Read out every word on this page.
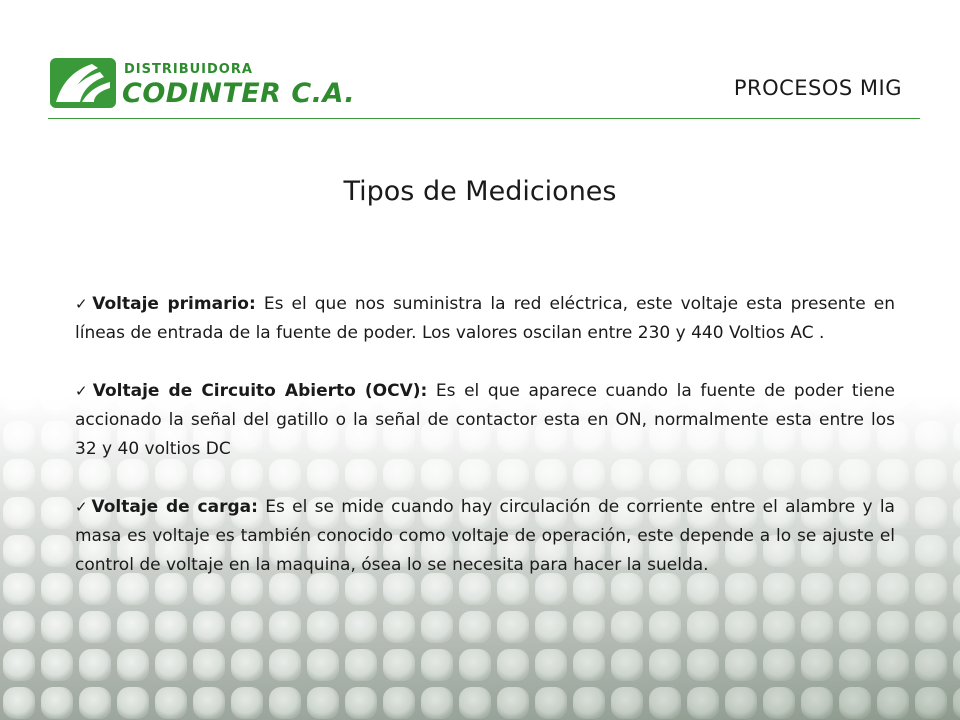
DISTRIBUIDORA
CODINTER C.A.	PROCESOS MIG
Tipos de Mediciones
✓ Voltaje primario: Es el que nos suministra la red eléctrica, este voltaje esta presente en líneas de entrada de la fuente de poder. Los valores oscilan entre 230 y 440 Voltios AC .
✓ Voltaje de Circuito Abierto (OCV): Es el que aparece cuando la fuente de poder tiene accionado la señal del gatillo o la señal de contactor esta en ON, normalmente esta entre los 32 y 40 voltios DC
✓ Voltaje de carga: Es el se mide cuando hay circulación de corriente entre el alambre y la masa es voltaje es también conocido como voltaje de operación, este depende a lo se ajuste el control de voltaje en la maquina, ósea lo se necesita para hacer la suelda.
